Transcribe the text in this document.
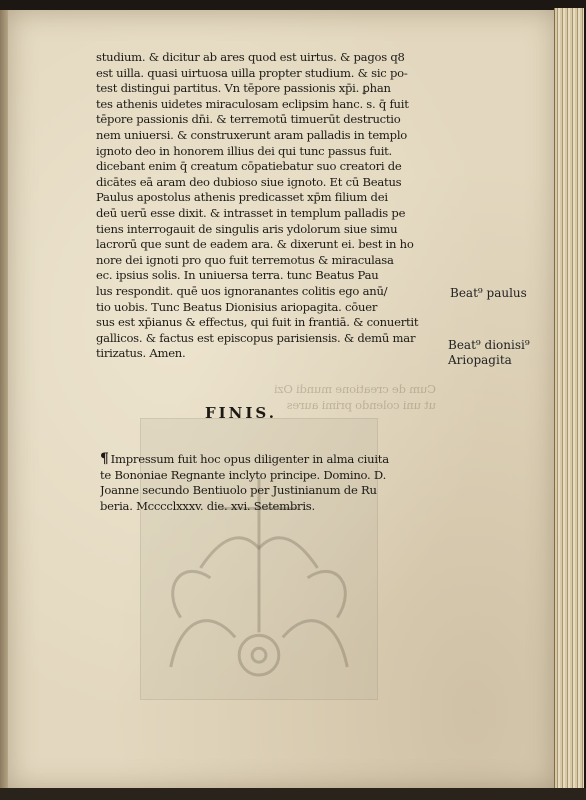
Cum de creatione mundi Ozi
ut uni colendo primi aures
studium. & dicitur ab ares quod est uirtus. & pagos q8
est uilla. quasi uirtuosa uilla propter studium. & sic po-
test distingui partitus. Vn tēpore passionis xp̄i. ꝑhan
tes athenis uidetes miraculosam eclipsim hanc. s. q̄ fuit
tēpore passionis dn̄i. & terremotū timuerūt destructio
nem uniuersi. & construxerunt aram palladis in templo
ignoto deo in honorem illius dei qui tunc passus fuit.
dicebant enim q̄ creatum cōpatiebatur suo creatori de
dicātes eā aram deo dubioso siue ignoto. Et cū Beatus
Paulus apostolus athenis predicasset xp̄m filium dei
deū uerū esse dixit. & intrasset in templum palladis pe
tiens interrogauit de singulis aris ydolorum siue simu
lacrorū que sunt de eadem ara. & dixerunt ei. best in ho
nore dei ignoti pro quo fuit terremotus & miraculasa
ec. ipsius solis. In uniuersa terra. tunc Beatus Pau
lus respondit. quē uos ignoranantes colitis ego anū/
tio uobis. Tunc Beatus Dionisius ariopagita. cōuer
sus est xp̄ianus & effectus, qui fuit in frantiā. & conuertit
gallicos. & factus est episcopus parisiensis. & demū mar
tirizatus. Amen.
FINIS.
¶ Impressum fuit hoc opus diligenter in alma ciuita
te Bononiae Regnante inclyto principe. Domino. D.
Joanne secundo Bentiuolo per Justinianum de Ru
beria. Mcccclxxxv. die. xvi. Setembris.
Beat⁹ paulus
Beat⁹ dionisi⁹
Ariopagita
